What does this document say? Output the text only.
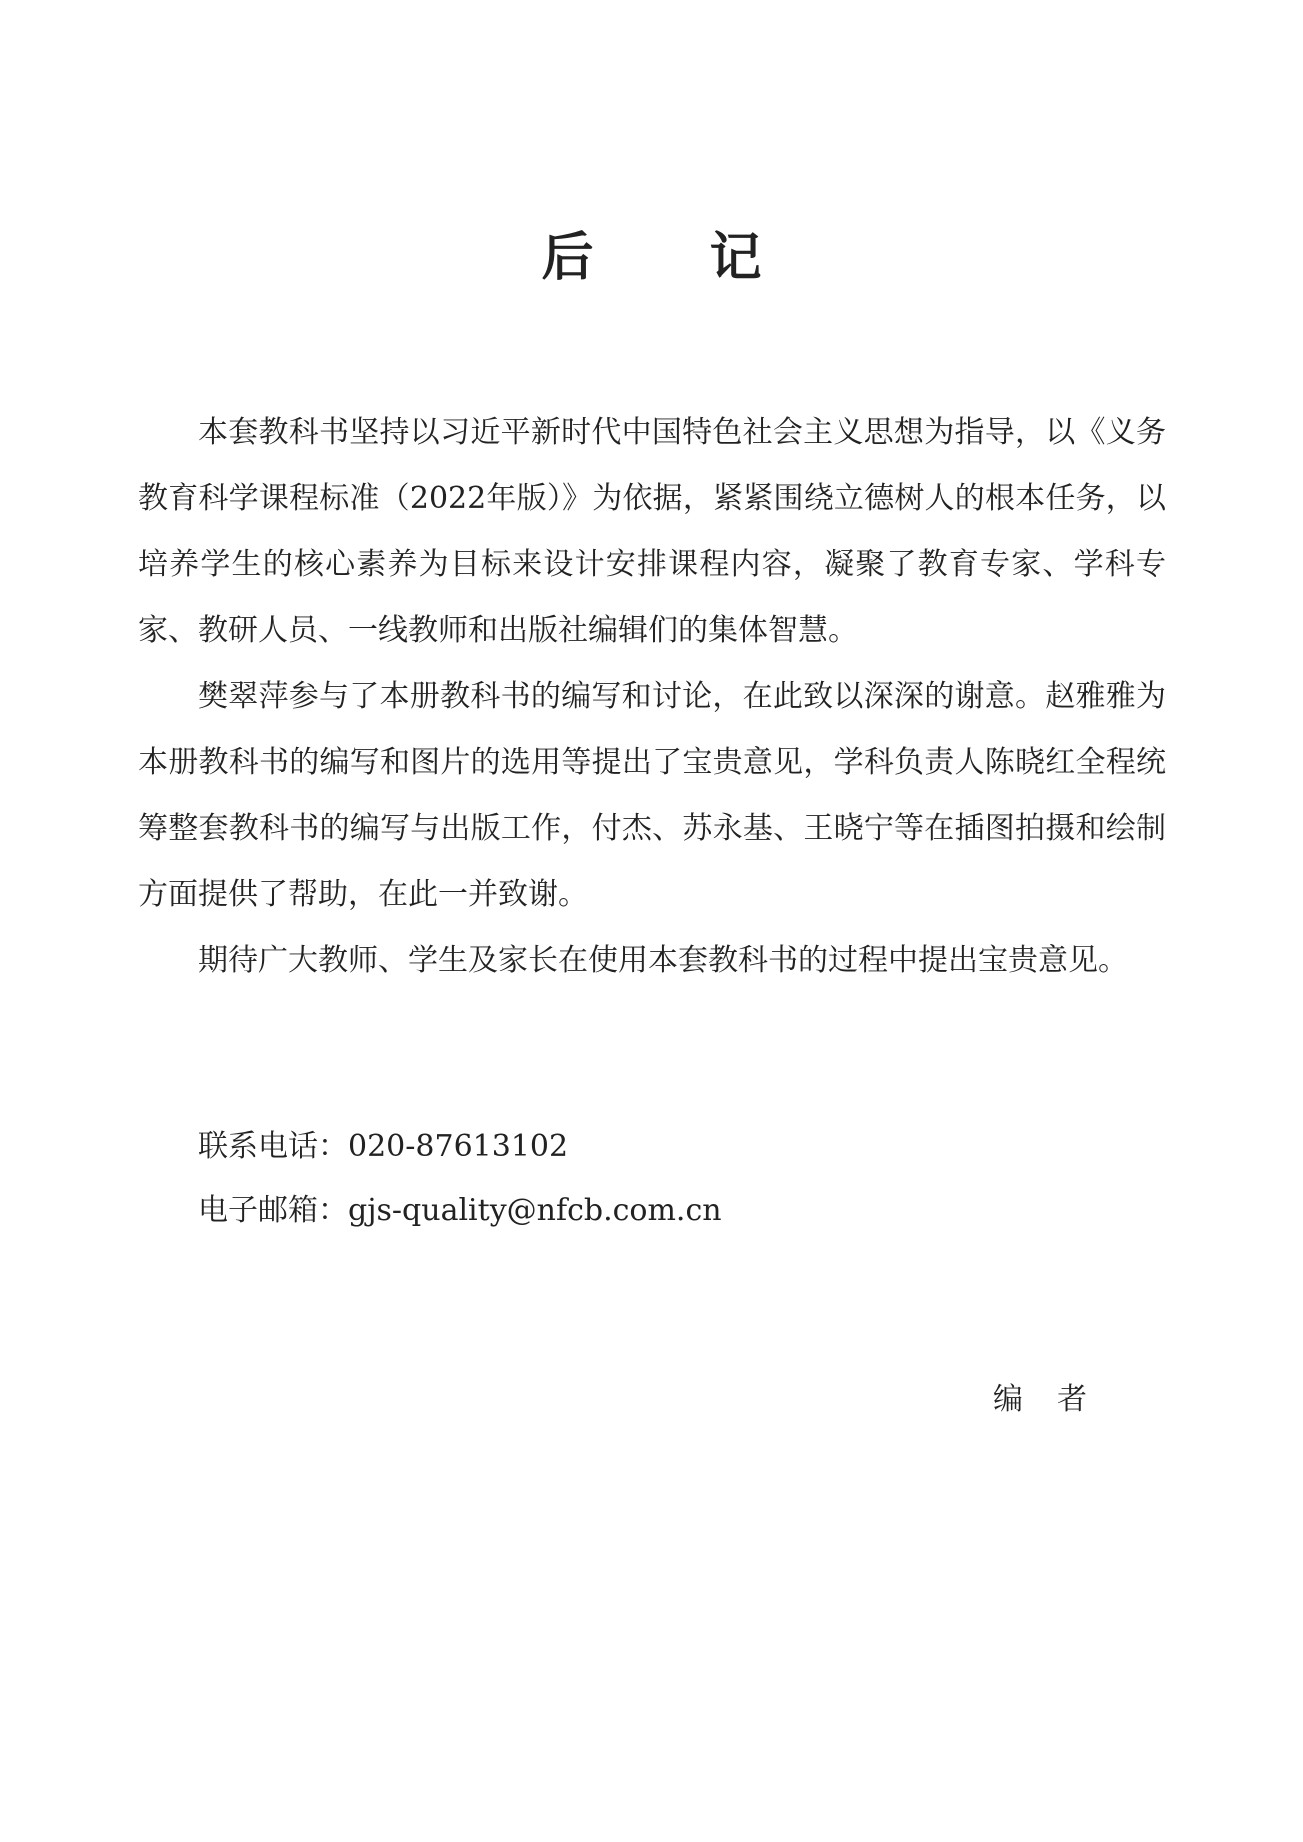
后记

本套教科书坚持以习近平新时代中国特色社会主义思想为指导，以《义务教育科学课程标准（2022年版）》为依据，紧紧围绕立德树人的根本任务，以培养学生的核心素养为目标来设计安排课程内容，凝聚了教育专家、学科专家、教研人员、一线教师和出版社编辑们的集体智慧。

樊翠萍参与了本册教科书的编写和讨论，在此致以深深的谢意。赵雅雅为本册教科书的编写和图片的选用等提出了宝贵意见，学科负责人陈晓红全程统筹整套教科书的编写与出版工作，付杰、苏永基、王晓宁等在插图拍摄和绘制方面提供了帮助，在此一并致谢。

期待广大教师、学生及家长在使用本套教科书的过程中提出宝贵意见。

联系电话：020-87613102

电子邮箱：gjs-quality@nfcb.com.cn

编者
